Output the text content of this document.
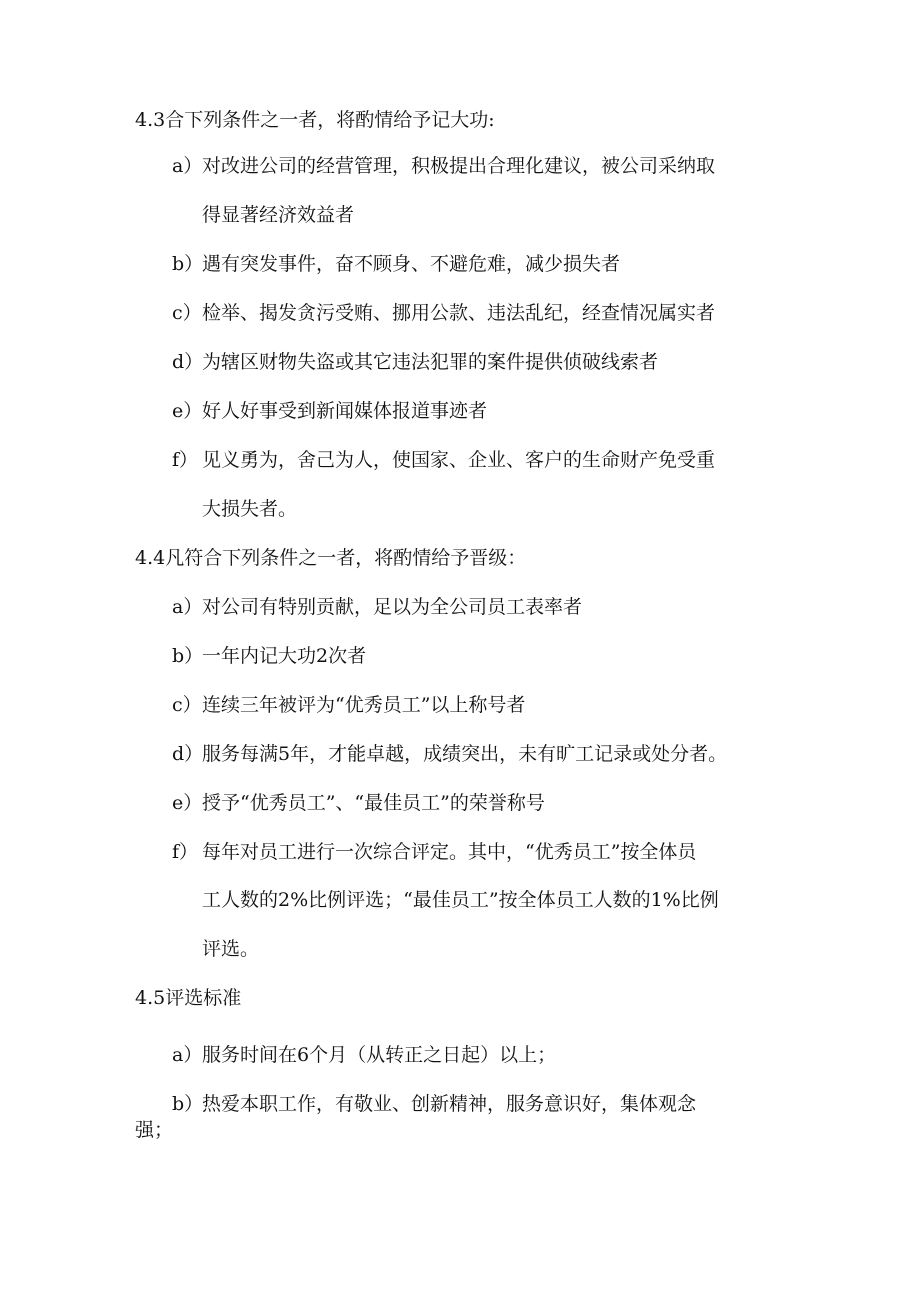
4.3合下列条件之一者，将酌情给予记大功:
a）对改进公司的经营管理，积极提出合理化建议，被公司采纳取
得显著经济效益者
b）遇有突发事件，奋不顾身、不避危难，减少损失者
c）检举、揭发贪污受贿、挪用公款、违法乱纪，经查情况属实者
d）为辖区财物失盗或其它违法犯罪的案件提供侦破线索者
e）好人好事受到新闻媒体报道事迹者
f） 见义勇为，舍己为人，使国家、企业、客户的生命财产免受重
大损失者。
4.4凡符合下列条件之一者，将酌情给予晋级：
a）对公司有特别贡献，足以为全公司员工表率者
b）一年内记大功2次者
c）连续三年被评为“优秀员工”以上称号者
d）服务每满5年，才能卓越，成绩突出，未有旷工记录或处分者。
e）授予“优秀员工”、“最佳员工”的荣誉称号
f） 每年对员工进行一次综合评定。其中，“优秀员工”按全体员
工人数的2%比例评选；“最佳员工”按全体员工人数的1%比例
评选。
4.5评选标准
a）服务时间在6个月（从转正之日起）以上；
b）热爱本职工作，有敬业、创新精神，服务意识好，集体观念
强；
